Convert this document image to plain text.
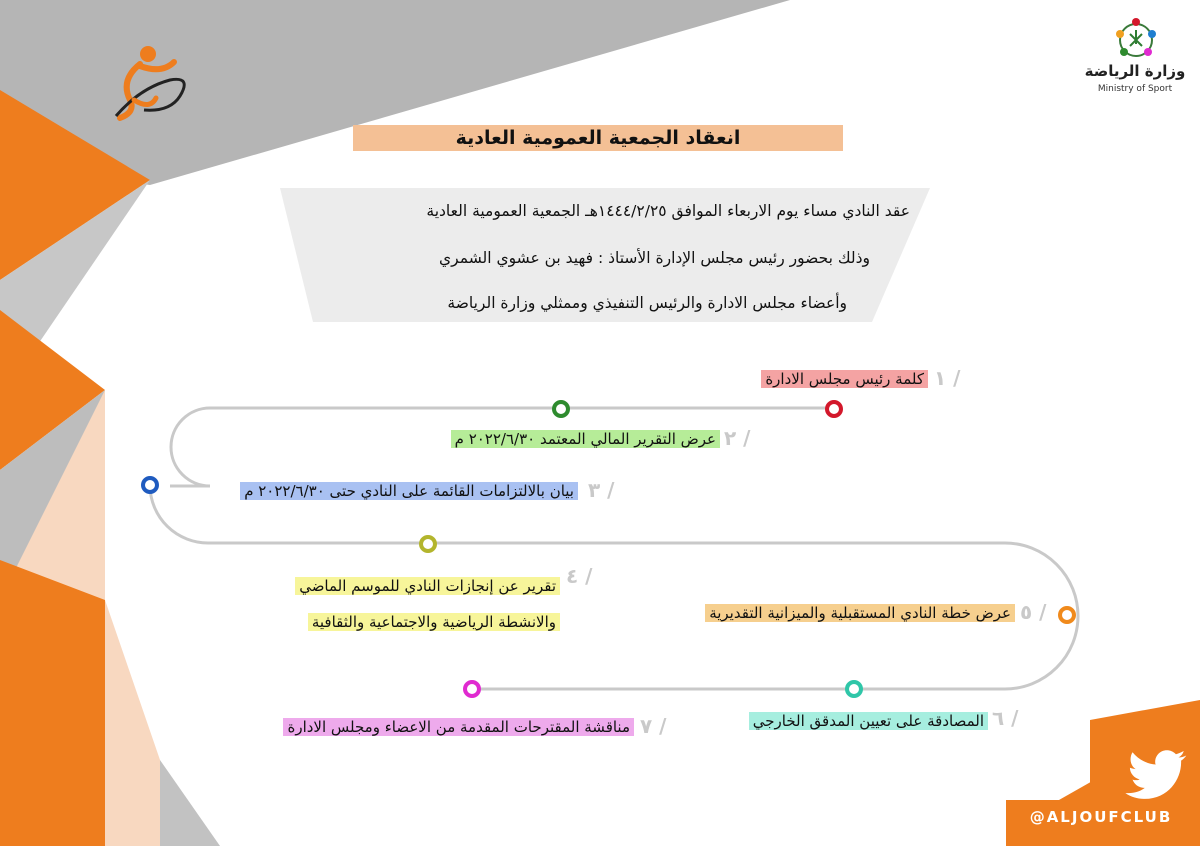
وزارة الرياضة
Ministry of Sport
انعقاد الجمعية العمومية العادية
عقد النادي مساء يوم الاربعاء الموافق ١٤٤٤/٢/٢٥هـ الجمعية العمومية العادية
وذلك بحضور رئيس مجلس الإدارة الأستاذ : فهيد بن عشوي الشمري
وأعضاء مجلس الادارة والرئيس التنفيذي وممثلي وزارة الرياضة
١ /
كلمة رئيس مجلس الادارة
٢ /
عرض التقرير المالي المعتمد ٢٠٢٢/٦/٣٠ م
٣ /
بيان بالالتزامات القائمة على النادي حتى ٢٠٢٢/٦/٣٠ م
٤ /
تقرير عن إنجازات النادي للموسم الماضي
والانشطة الرياضية والاجتماعية والثقافية	٥ /
عرض خطة النادي المستقبلية والميزانية التقديرية
٦ /
المصادقة على تعيين المدقق الخارجي
٧ /
مناقشة المقترحات المقدمة من الاعضاء ومجلس الادارة
@ALJOUFCLUB
